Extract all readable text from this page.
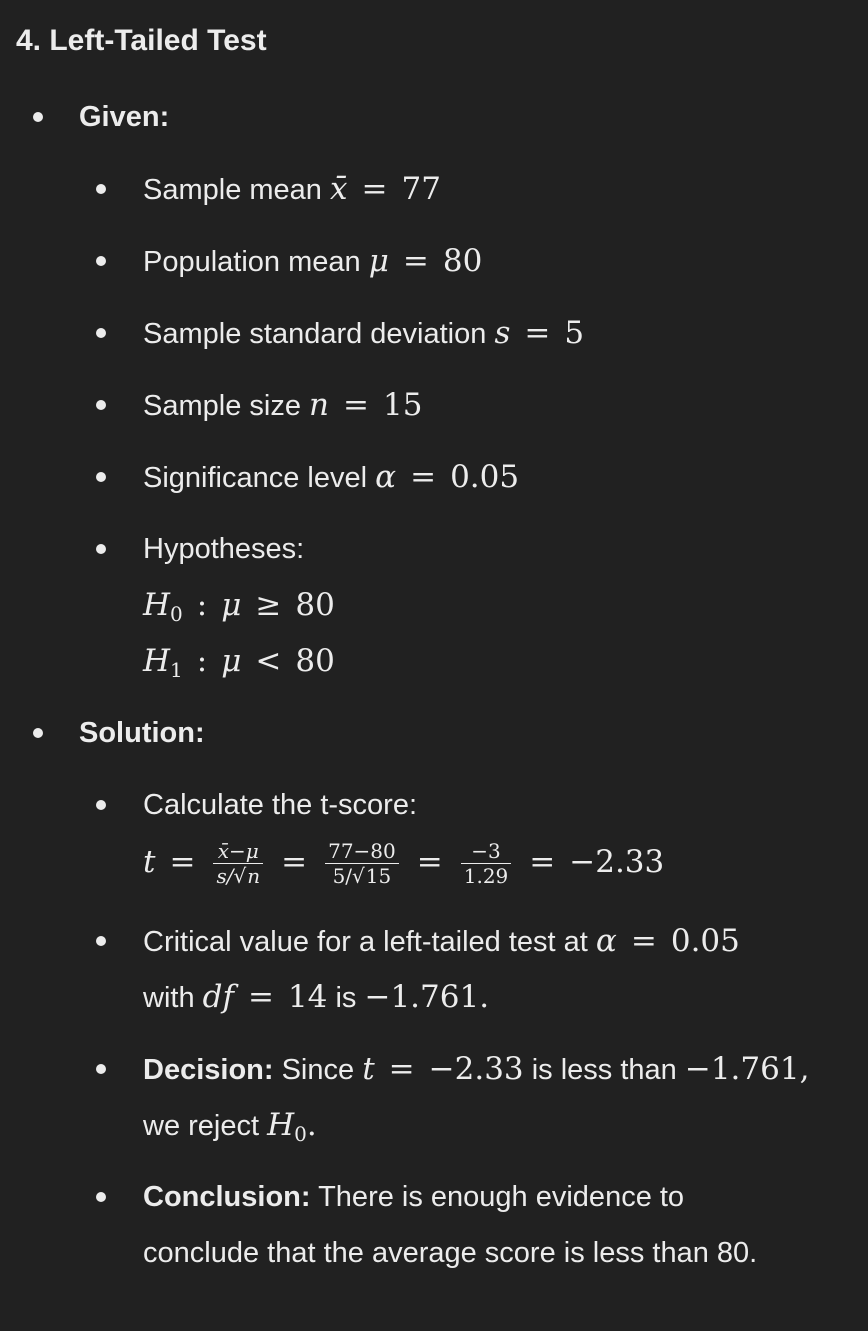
4. Left-Tailed Test
Given:
Sample mean x̄ = 77
Population mean μ = 80
Sample standard deviation s = 5
Sample size n = 15
Significance level α = 0.05
Hypotheses:
$H_0$ : μ ≥ 80
$H_1$ : μ < 80
Solution:
Calculate the t-score:
$t = \frac{x̄-\mu}{s/√n} = \frac{77-80}{5/√15} = \frac{-3}{1.29} = -2.33$
Critical value for a left-tailed test at α = 0.05
with df = 14 is −1.761.
Decision: Since t = −2.33 is less than −1.761,
we reject $H_0$.
Conclusion: There is enough evidence to
conclude that the average score is less than 80.
